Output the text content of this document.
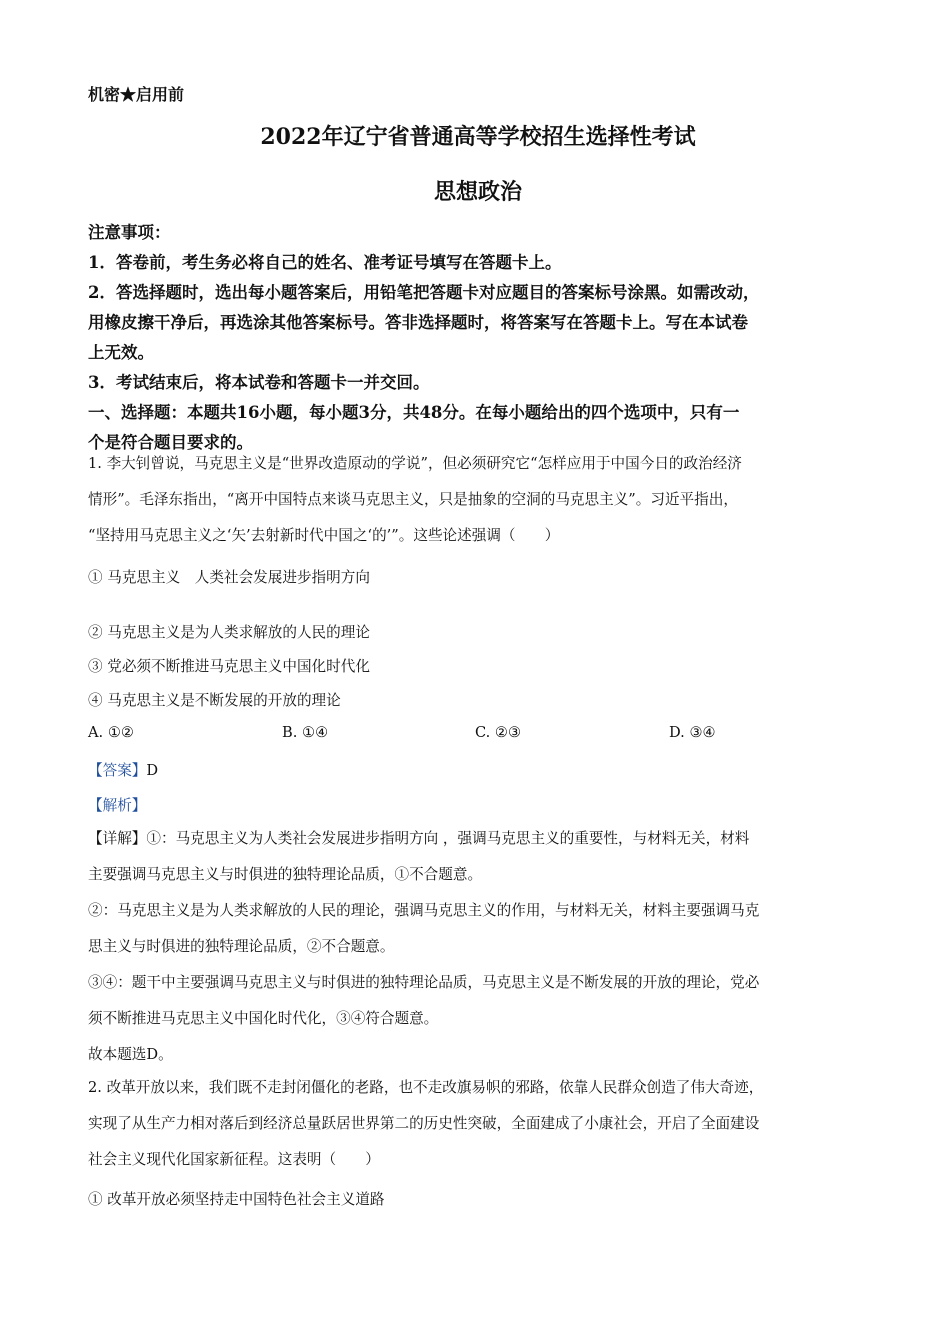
机密★启用前
2022年辽宁省普通高等学校招生选择性考试
思想政治
注意事项：
1．答卷前，考生务必将自己的姓名、准考证号填写在答题卡上。
2．答选择题时，选出每小题答案后，用铅笔把答题卡对应题目的答案标号涂黑。如需改动，
用橡皮擦干净后，再选涂其他答案标号。答非选择题时，将答案写在答题卡上。写在本试卷
上无效。
3．考试结束后，将本试卷和答题卡一并交回。
一、选择题：本题共16小题，每小题3分，共48分。在每小题给出的四个选项中，只有一
个是符合题目要求的。
1. 李大钊曾说，马克思主义是“世界改造原动的学说”，但必须研究它“怎样应用于中国今日的政治经济
情形”。毛泽东指出，“离开中国特点来谈马克思主义，只是抽象的空洞的马克思主义”。习近平指出，
“坚持用马克思主义之‘矢’去射新时代中国之‘的’”。这些论述强调（　　）
① 马克思主义　人类社会发展进步指明方向
② 马克思主义是为人类求解放的人民的理论
③ 党必须不断推进马克思主义中国化时代化
④ 马克思主义是不断发展的开放的理论
A. ①②	B. ①④	C. ②③	D. ③④
【答案】D
【解析】
【详解】①：马克思主义为人类社会发展进步指明方向 ，强调马克思主义的重要性，与材料无关，材料
主要强调马克思主义与时俱进的独特理论品质，①不合题意。
②：马克思主义是为人类求解放的人民的理论，强调马克思主义的作用，与材料无关，材料主要强调马克
思主义与时俱进的独特理论品质，②不合题意。
③④：题干中主要强调马克思主义与时俱进的独特理论品质，马克思主义是不断发展的开放的理论，党必
须不断推进马克思主义中国化时代化，③④符合题意。
故本题选D。
2. 改革开放以来，我们既不走封闭僵化的老路，也不走改旗易帜的邪路，依靠人民群众创造了伟大奇迹，
实现了从生产力相对落后到经济总量跃居世界第二的历史性突破，全面建成了小康社会，开启了全面建设
社会主义现代化国家新征程。这表明（　　）
① 改革开放必须坚持走中国特色社会主义道路
